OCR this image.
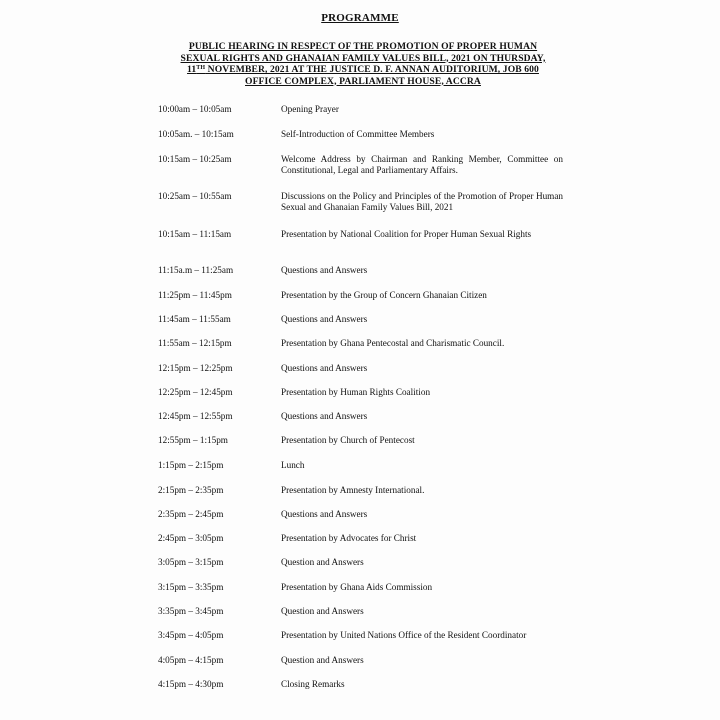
PROGRAMME
PUBLIC HEARING IN RESPECT OF THE PROMOTION OF PROPER HUMAN
SEXUAL RIGHTS AND GHANAIAN FAMILY VALUES BILL, 2021 ON THURSDAY,
11TH NOVEMBER, 2021 AT THE JUSTICE D. F. ANNAN AUDITORIUM, JOB 600
OFFICE COMPLEX, PARLIAMENT HOUSE, ACCRA
10:00am – 10:05am	Opening Prayer
10:05am. – 10:15am	Self-Introduction of Committee Members
10:15am – 10:25am	Welcome Address by Chairman and Ranking Member, Committee on Constitutional, Legal and Parliamentary Affairs.
10:25am – 10:55am	Discussions on the Policy and Principles of the Promotion of Proper Human Sexual and Ghanaian Family Values Bill, 2021
10:15am – 11:15am	Presentation by National Coalition for Proper Human Sexual Rights
11:15a.m – 11:25am	Questions and Answers
11:25pm – 11:45pm	Presentation by the Group of Concern Ghanaian Citizen
11:45am – 11:55am	Questions and Answers
11:55am – 12:15pm	Presentation by Ghana Pentecostal and Charismatic Council.
12:15pm – 12:25pm	Questions and Answers
12:25pm – 12:45pm	Presentation by Human Rights Coalition
12:45pm – 12:55pm	Questions and Answers
12:55pm – 1:15pm	Presentation by Church of Pentecost
1:15pm – 2:15pm	Lunch
2:15pm – 2:35pm	Presentation by Amnesty International.
2:35pm – 2:45pm	Questions and Answers
2:45pm – 3:05pm	Presentation by Advocates for Christ
3:05pm – 3:15pm	Question and Answers
3:15pm – 3:35pm	Presentation by Ghana Aids Commission
3:35pm – 3:45pm	Question and Answers
3:45pm – 4:05pm	Presentation by United Nations Office of the Resident Coordinator
4:05pm – 4:15pm	Question and Answers
4:15pm – 4:30pm	Closing Remarks
